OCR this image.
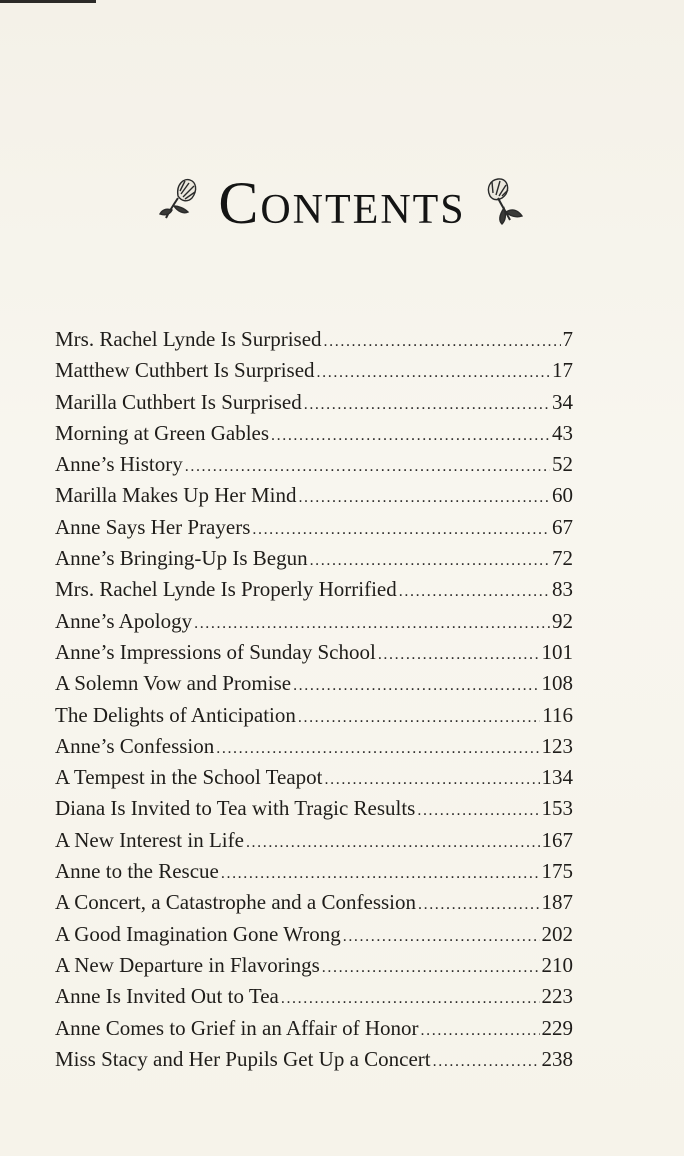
Contents
Mrs. Rachel Lynde Is Surprised .....	7
Matthew Cuthbert Is Surprised .....	17
Marilla Cuthbert Is Surprised .....	34
Morning at Green Gables .....	43
Anne’s History .....	52
Marilla Makes Up Her Mind .....	60
Anne Says Her Prayers .....	67
Anne’s Bringing-Up Is Begun .....	72
Mrs. Rachel Lynde Is Properly Horrified .....	83
Anne’s Apology .....	92
Anne’s Impressions of Sunday School .....	101
A Solemn Vow and Promise .....	108
The Delights of Anticipation .....	116
Anne’s Confession .....	123
A Tempest in the School Teapot .....	134
Diana Is Invited to Tea with Tragic Results .....	153
A New Interest in Life .....	167
Anne to the Rescue .....	175
A Concert, a Catastrophe and a Confession .....	187
A Good Imagination Gone Wrong .....	202
A New Departure in Flavorings .....	210
Anne Is Invited Out to Tea .....	223
Anne Comes to Grief in an Affair of Honor .....	229
Miss Stacy and Her Pupils Get Up a Concert .....	238
